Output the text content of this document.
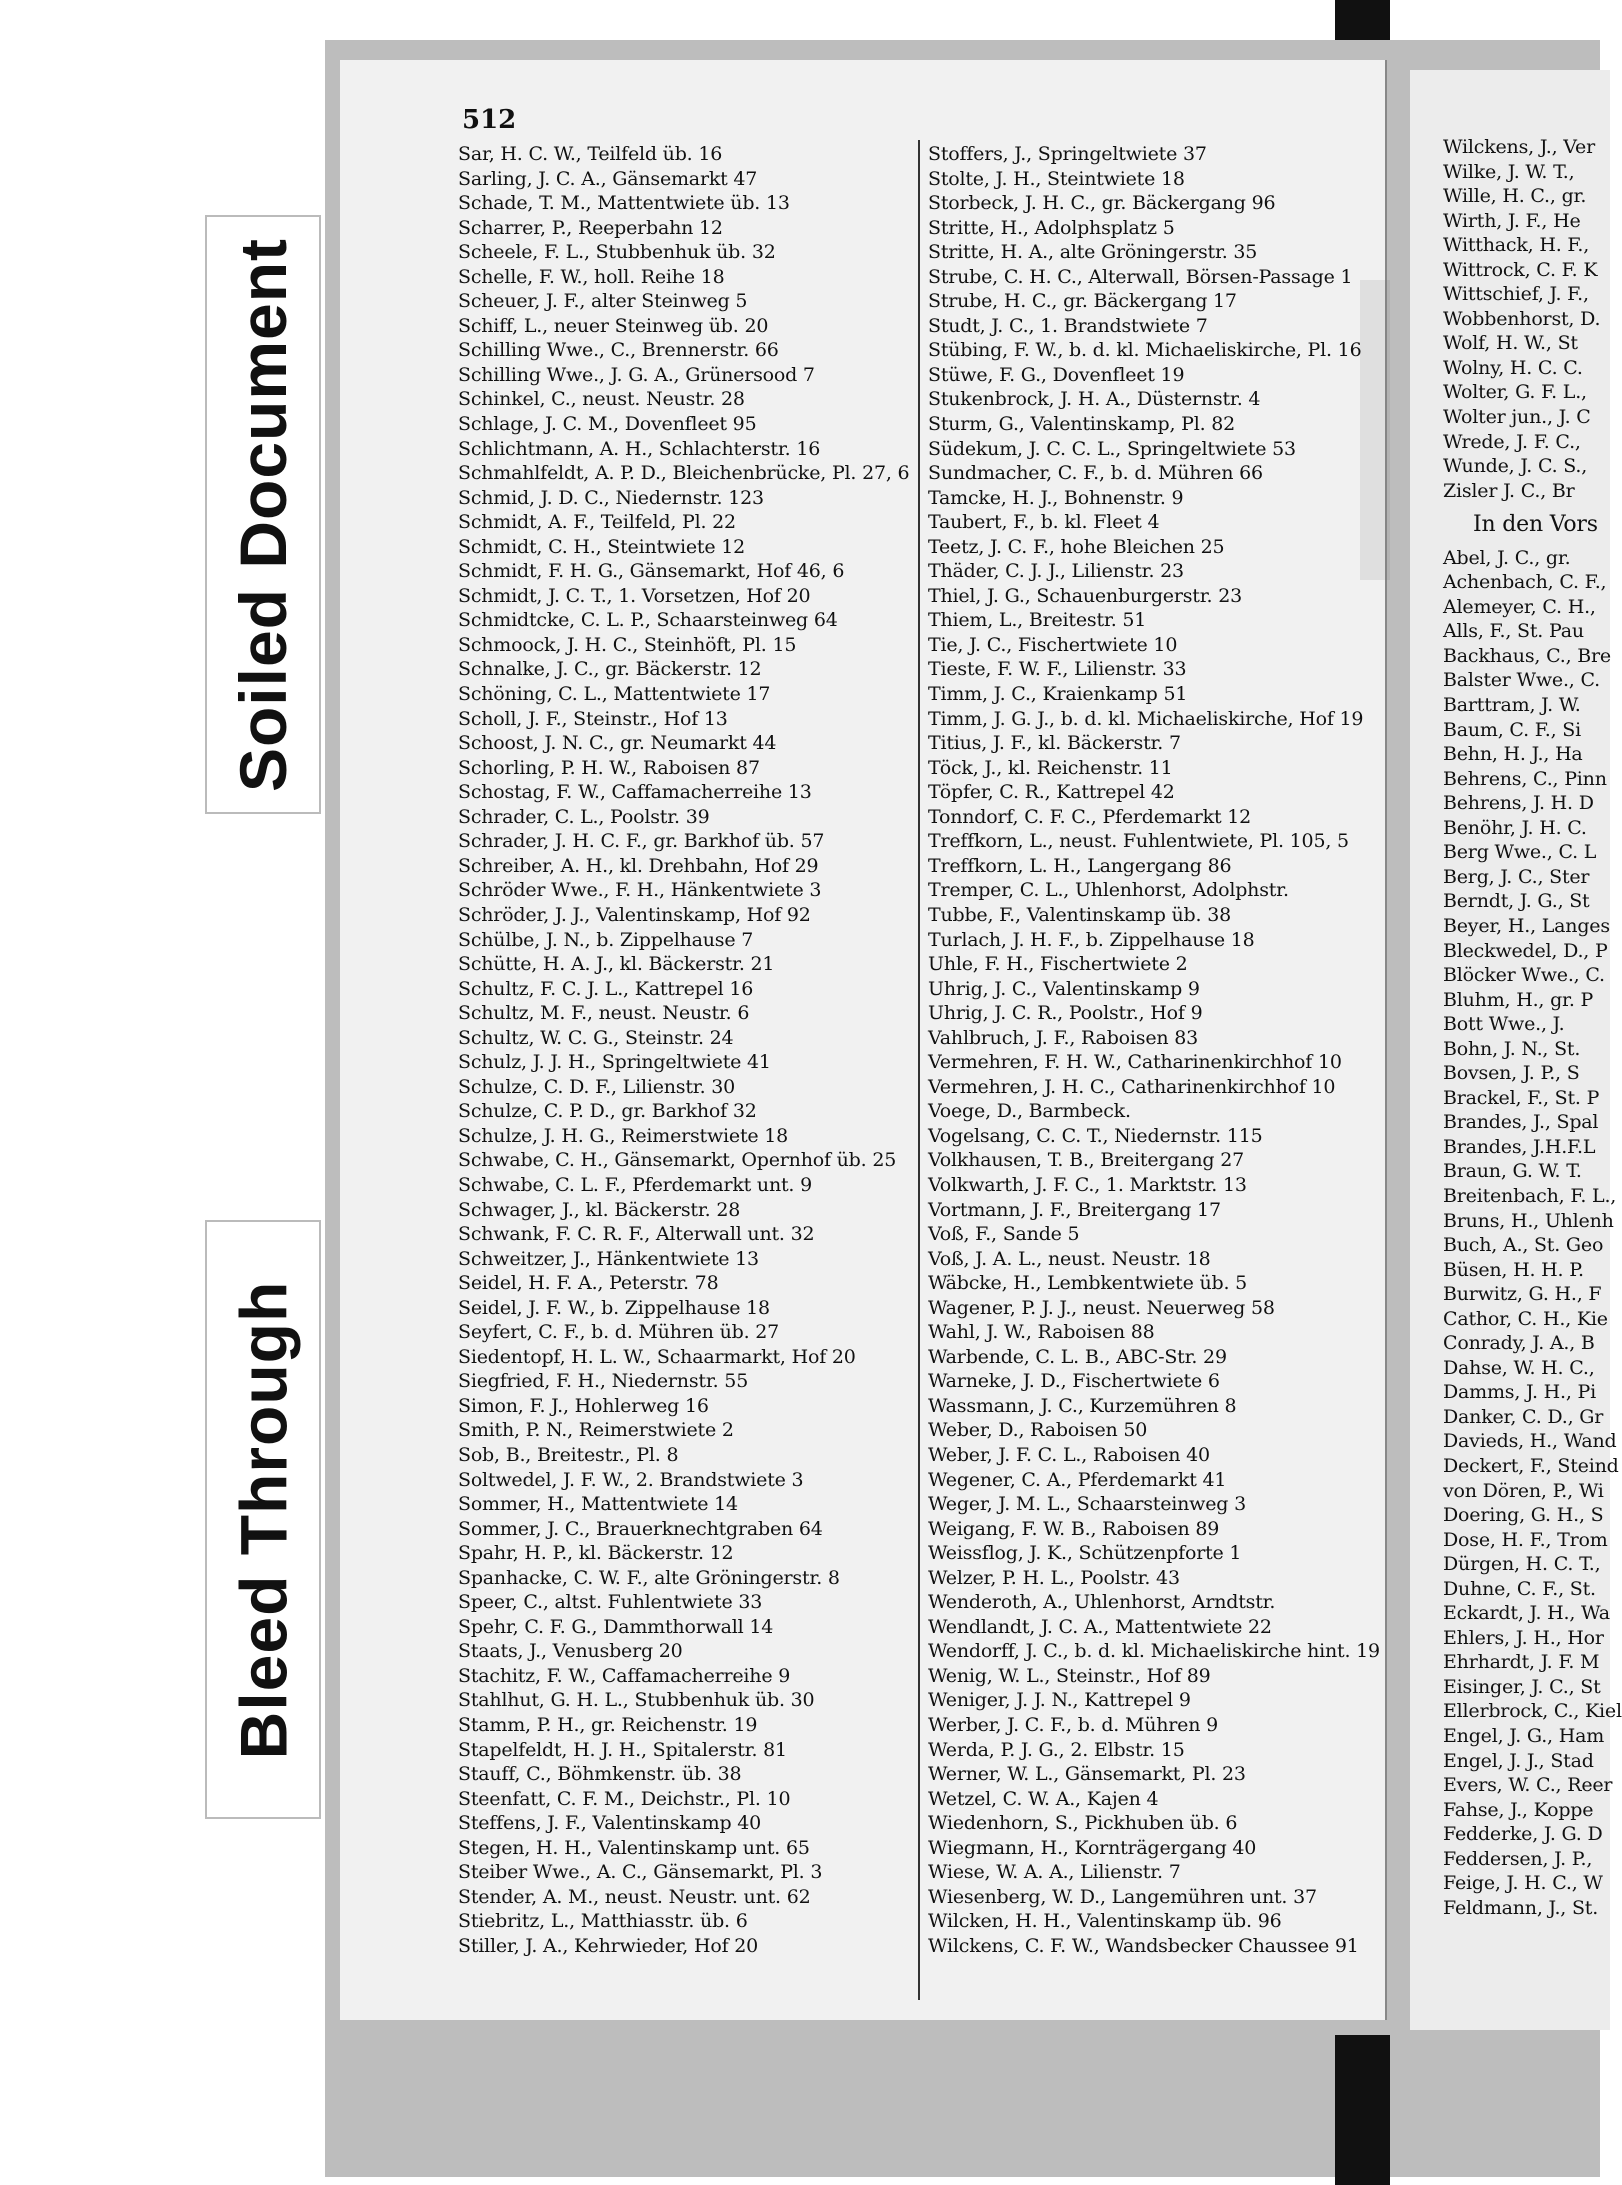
Soiled Document
Bleed Through
512
Sar, H. C. W., Teilfeld üb. 16
Sarling, J. C. A., Gänsemarkt 47
Schade, T. M., Mattentwiete üb. 13
Scharrer, P., Reeperbahn 12
Scheele, F. L., Stubbenhuk üb. 32
Schelle, F. W., holl. Reihe 18
Scheuer, J. F., alter Steinweg 5
Schiff, L., neuer Steinweg üb. 20
Schilling Wwe., C., Brennerstr. 66
Schilling Wwe., J. G. A., Grünersood 7
Schinkel, C., neust. Neustr. 28
Schlage, J. C. M., Dovenfleet 95
Schlichtmann, A. H., Schlachterstr. 16
Schmahlfeldt, A. P. D., Bleichenbrücke, Pl. 27, 6
Schmid, J. D. C., Niedernstr. 123
Schmidt, A. F., Teilfeld, Pl. 22
Schmidt, C. H., Steintwiete 12
Schmidt, F. H. G., Gänsemarkt, Hof 46, 6
Schmidt, J. C. T., 1. Vorsetzen, Hof 20
Schmidtcke, C. L. P., Schaarsteinweg 64
Schmoock, J. H. C., Steinhöft, Pl. 15
Schnalke, J. C., gr. Bäckerstr. 12
Schöning, C. L., Mattentwiete 17
Scholl, J. F., Steinstr., Hof 13
Schoost, J. N. C., gr. Neumarkt 44
Schorling, P. H. W., Raboisen 87
Schostag, F. W., Caffamacherreihe 13
Schrader, C. L., Poolstr. 39
Schrader, J. H. C. F., gr. Barkhof üb. 57
Schreiber, A. H., kl. Drehbahn, Hof 29
Schröder Wwe., F. H., Hänkentwiete 3
Schröder, J. J., Valentinskamp, Hof 92
Schülbe, J. N., b. Zippelhause 7
Schütte, H. A. J., kl. Bäckerstr. 21
Schultz, F. C. J. L., Kattrepel 16
Schultz, M. F., neust. Neustr. 6
Schultz, W. C. G., Steinstr. 24
Schulz, J. J. H., Springeltwiete 41
Schulze, C. D. F., Lilienstr. 30
Schulze, C. P. D., gr. Barkhof 32
Schulze, J. H. G., Reimerstwiete 18
Schwabe, C. H., Gänsemarkt, Opernhof üb. 25
Schwabe, C. L. F., Pferdemarkt unt. 9
Schwager, J., kl. Bäckerstr. 28
Schwank, F. C. R. F., Alterwall unt. 32
Schweitzer, J., Hänkentwiete 13
Seidel, H. F. A., Peterstr. 78
Seidel, J. F. W., b. Zippelhause 18
Seyfert, C. F., b. d. Mühren üb. 27
Siedentopf, H. L. W., Schaarmarkt, Hof 20
Siegfried, F. H., Niedernstr. 55
Simon, F. J., Hohlerweg 16
Smith, P. N., Reimerstwiete 2
Sob, B., Breitestr., Pl. 8
Soltwedel, J. F. W., 2. Brandstwiete 3
Sommer, H., Mattentwiete 14
Sommer, J. C., Brauerknechtgraben 64
Spahr, H. P., kl. Bäckerstr. 12
Spanhacke, C. W. F., alte Gröningerstr. 8
Speer, C., altst. Fuhlentwiete 33
Spehr, C. F. G., Dammthorwall 14
Staats, J., Venusberg 20
Stachitz, F. W., Caffamacherreihe 9
Stahlhut, G. H. L., Stubbenhuk üb. 30
Stamm, P. H., gr. Reichenstr. 19
Stapelfeldt, H. J. H., Spitalerstr. 81
Stauff, C., Böhmkenstr. üb. 38
Steenfatt, C. F. M., Deichstr., Pl. 10
Steffens, J. F., Valentinskamp 40
Stegen, H. H., Valentinskamp unt. 65
Steiber Wwe., A. C., Gänsemarkt, Pl. 3
Stender, A. M., neust. Neustr. unt. 62
Stiebritz, L., Matthiasstr. üb. 6
Stiller, J. A., Kehrwieder, Hof 20
Stoffers, J., Springeltwiete 37
Stolte, J. H., Steintwiete 18
Storbeck, J. H. C., gr. Bäckergang 96
Stritte, H., Adolphsplatz 5
Stritte, H. A., alte Gröningerstr. 35
Strube, C. H. C., Alterwall, Börsen-Passage 1
Strube, H. C., gr. Bäckergang 17
Studt, J. C., 1. Brandstwiete 7
Stübing, F. W., b. d. kl. Michaeliskirche, Pl. 16
Stüwe, F. G., Dovenfleet 19
Stukenbrock, J. H. A., Düsternstr. 4
Sturm, G., Valentinskamp, Pl. 82
Südekum, J. C. C. L., Springeltwiete 53
Sundmacher, C. F., b. d. Mühren 66
Tamcke, H. J., Bohnenstr. 9
Taubert, F., b. kl. Fleet 4
Teetz, J. C. F., hohe Bleichen 25
Thäder, C. J. J., Lilienstr. 23
Thiel, J. G., Schauenburgerstr. 23
Thiem, L., Breitestr. 51
Tie, J. C., Fischertwiete 10
Tieste, F. W. F., Lilienstr. 33
Timm, J. C., Kraienkamp 51
Timm, J. G. J., b. d. kl. Michaeliskirche, Hof 19
Titius, J. F., kl. Bäckerstr. 7
Töck, J., kl. Reichenstr. 11
Töpfer, C. R., Kattrepel 42
Tonndorf, C. F. C., Pferdemarkt 12
Treffkorn, L., neust. Fuhlentwiete, Pl. 105, 5
Treffkorn, L. H., Langergang 86
Tremper, C. L., Uhlenhorst, Adolphstr.
Tubbe, F., Valentinskamp üb. 38
Turlach, J. H. F., b. Zippelhause 18
Uhle, F. H., Fischertwiete 2
Uhrig, J. C., Valentinskamp 9
Uhrig, J. C. R., Poolstr., Hof 9
Vahlbruch, J. F., Raboisen 83
Vermehren, F. H. W., Catharinenkirchhof 10
Vermehren, J. H. C., Catharinenkirchhof 10
Voege, D., Barmbeck.
Vogelsang, C. C. T., Niedernstr. 115
Volkhausen, T. B., Breitergang 27
Volkwarth, J. F. C., 1. Marktstr. 13
Vortmann, J. F., Breitergang 17
Voß, F., Sande 5
Voß, J. A. L., neust. Neustr. 18
Wäbcke, H., Lembkentwiete üb. 5
Wagener, P. J. J., neust. Neuerweg 58
Wahl, J. W., Raboisen 88
Warbende, C. L. B., ABC-Str. 29
Warneke, J. D., Fischertwiete 6
Wassmann, J. C., Kurzemühren 8
Weber, D., Raboisen 50
Weber, J. F. C. L., Raboisen 40
Wegener, C. A., Pferdemarkt 41
Weger, J. M. L., Schaarsteinweg 3
Weigang, F. W. B., Raboisen 89
Weissflog, J. K., Schützenpforte 1
Welzer, P. H. L., Poolstr. 43
Wenderoth, A., Uhlenhorst, Arndtstr.
Wendlandt, J. C. A., Mattentwiete 22
Wendorff, J. C., b. d. kl. Michaeliskirche hint. 19
Wenig, W. L., Steinstr., Hof 89
Weniger, J. J. N., Kattrepel 9
Werber, J. C. F., b. d. Mühren 9
Werda, P. J. G., 2. Elbstr. 15
Werner, W. L., Gänsemarkt, Pl. 23
Wetzel, C. W. A., Kajen 4
Wiedenhorn, S., Pickhuben üb. 6
Wiegmann, H., Kornträgergang 40
Wiese, W. A. A., Lilienstr. 7
Wiesenberg, W. D., Langemühren unt. 37
Wilcken, H. H., Valentinskamp üb. 96
Wilckens, C. F. W., Wandsbecker Chaussee 91
Wilckens, J., Ver
Wilke, J. W. T.,
Wille, H. C., gr.
Wirth, J. F., He
Witthack, H. F.,
Wittrock, C. F. K
Wittschief, J. F.,
Wobbenhorst, D.
Wolf, H. W., St
Wolny, H. C. C.
Wolter, G. F. L.,
Wolter jun., J. C
Wrede, J. F. C.,
Wunde, J. C. S.,
Zisler J. C., Br
In den Vors
Abel, J. C., gr.
Achenbach, C. F.,
Alemeyer, C. H.,
Alls, F., St. Pau
Backhaus, C., Bre
Balster Wwe., C.
Barttram, J. W.
Baum, C. F., Si
Behn, H. J., Ha
Behrens, C., Pinn
Behrens, J. H. D
Benöhr, J. H. C.
Berg Wwe., C. L
Berg, J. C., Ster
Berndt, J. G., St
Beyer, H., Langes
Bleckwedel, D., P
Blöcker Wwe., C.
Bluhm, H., gr. P
Bott Wwe., J.
Bohn, J. N., St.
Bovsen, J. P., S
Brackel, F., St. P
Brandes, J., Spal
Brandes, J.H.F.L
Braun, G. W. T.
Breitenbach, F. L.,
Bruns, H., Uhlenh
Buch, A., St. Geo
Büsen, H. H. P.
Burwitz, G. H., F
Cathor, C. H., Kie
Conrady, J. A., B
Dahse, W. H. C.,
Damms, J. H., Pi
Danker, C. D., Gr
Davieds, H., Wand
Deckert, F., Steind
von Dören, P., Wi
Doering, G. H., S
Dose, H. F., Trom
Dürgen, H. C. T.,
Duhne, C. F., St.
Eckardt, J. H., Wa
Ehlers, J. H., Hor
Ehrhardt, J. F. M
Eisinger, J. C., St
Ellerbrock, C., Kiel
Engel, J. G., Ham
Engel, J. J., Stad
Evers, W. C., Reer
Fahse, J., Koppe
Fedderke, J. G. D
Feddersen, J. P.,
Feige, J. H. C., W
Feldmann, J., St.
